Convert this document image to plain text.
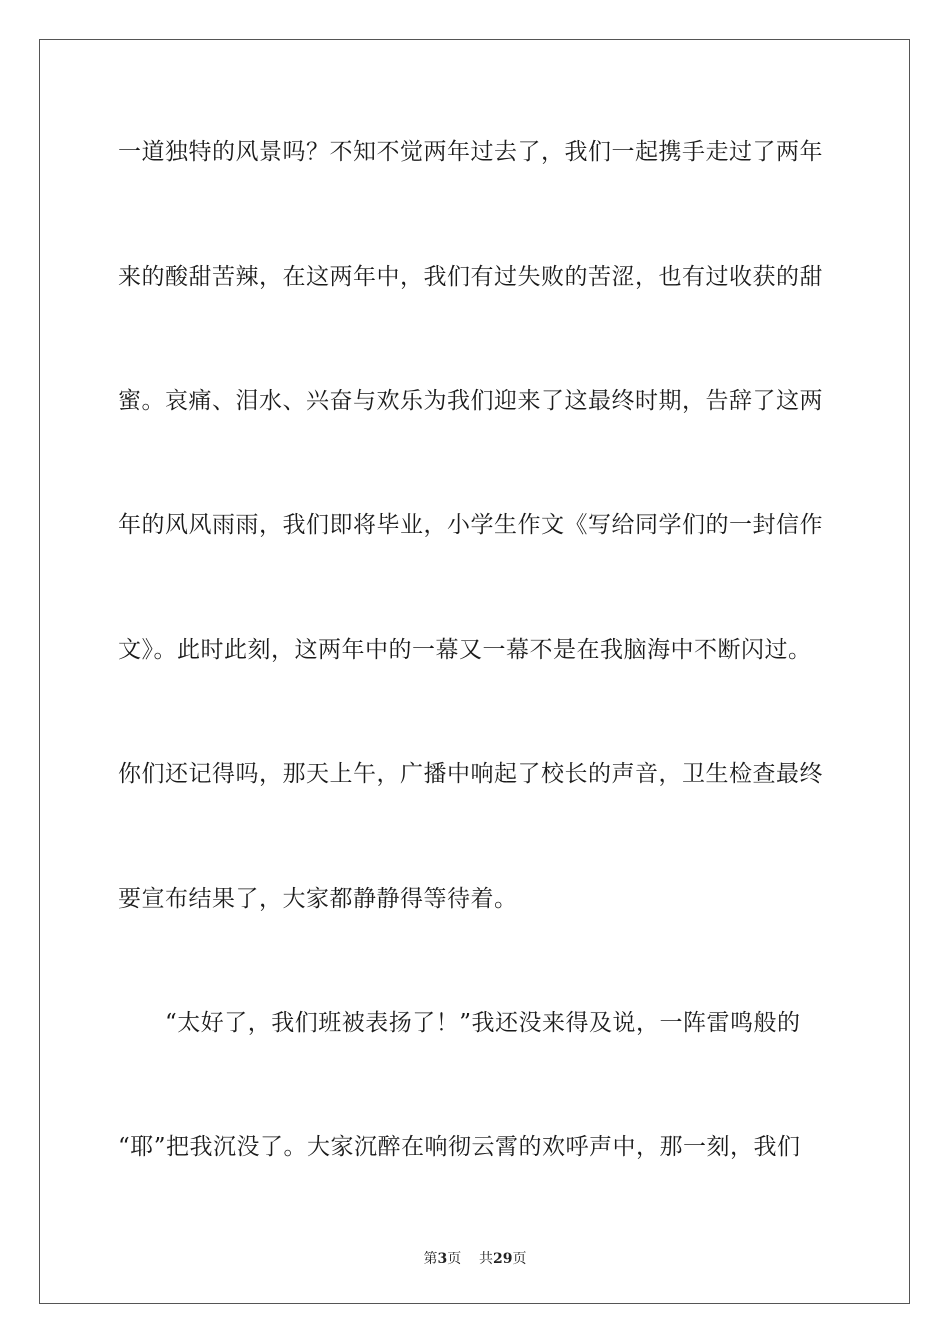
一道独特的风景吗？不知不觉两年过去了，我们一起携手走过了两年
来的酸甜苦辣，在这两年中，我们有过失败的苦涩，也有过收获的甜
蜜。哀痛、泪水、兴奋与欢乐为我们迎来了这最终时期，告辞了这两
年的风风雨雨，我们即将毕业，小学生作文《写给同学们的一封信作
文》。此时此刻，这两年中的一幕又一幕不是在我脑海中不断闪过。
你们还记得吗，那天上午，广播中响起了校长的声音，卫生检查最终
要宣布结果了，大家都静静得等待着。
　　“太好了，我们班被表扬了！”我还没来得及说，一阵雷鸣般的
“耶”把我沉没了。大家沉醉在响彻云霄的欢呼声中，那一刻，我们
第3页 共29页
